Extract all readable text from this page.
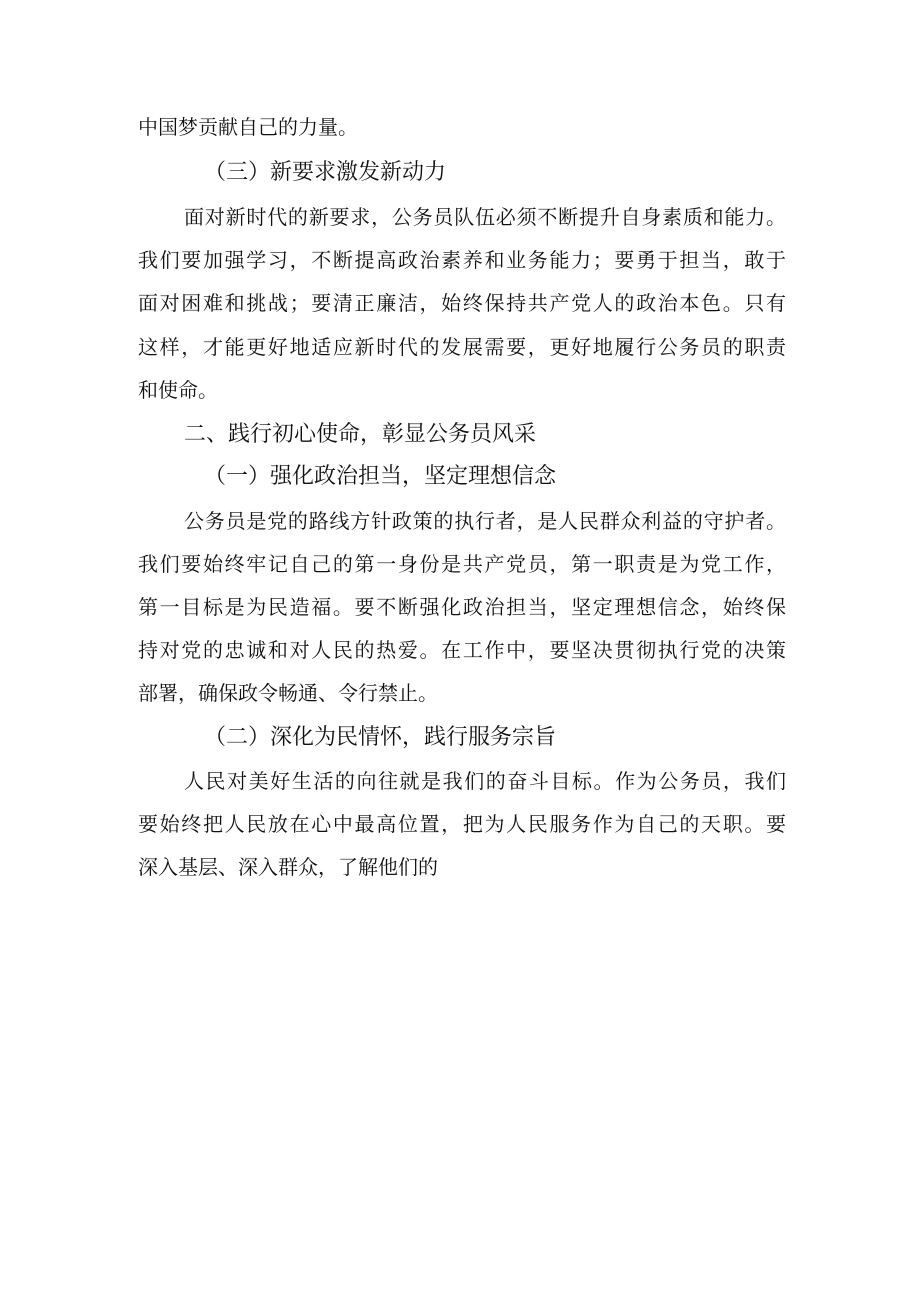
中国梦贡献自己的力量。
（三）新要求激发新动力
面对新时代的新要求，公务员队伍必须不断提升自身素质和能力。
我们要加强学习，不断提高政治素养和业务能力；要勇于担当，敢于
面对困难和挑战；要清正廉洁，始终保持共产党人的政治本色。只有
这样，才能更好地适应新时代的发展需要，更好地履行公务员的职责
和使命。
二、践行初心使命，彰显公务员风采
（一）强化政治担当，坚定理想信念
公务员是党的路线方针政策的执行者，是人民群众利益的守护者。
我们要始终牢记自己的第一身份是共产党员，第一职责是为党工作，
第一目标是为民造福。要不断强化政治担当，坚定理想信念，始终保
持对党的忠诚和对人民的热爱。在工作中，要坚决贯彻执行党的决策
部署，确保政令畅通、令行禁止。
（二）深化为民情怀，践行服务宗旨
人民对美好生活的向往就是我们的奋斗目标。作为公务员，我们
要始终把人民放在心中最高位置，把为人民服务作为自己的天职。要
深入基层、深入群众，了解他们的
